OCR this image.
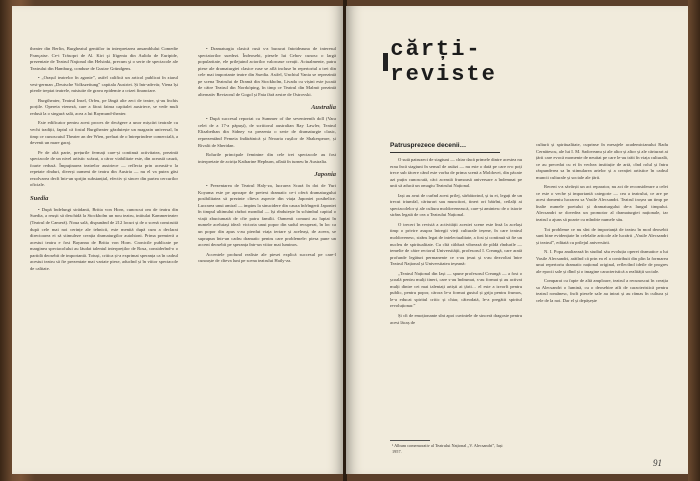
theater din Berlin, Burgheatul gentiilor in interpretarea ansamblului Comedie Française. Ce-i Trăsopri de Al. Kiri şi Ifigenia din Aulida de Euripide, prezentate de Teatrul Naţional din Helsinki, precum şi o serie de spectacole ale Teatrului din Hamburg, conduse de Gustav Gründgens.

• „Orașul teatrelor în agonie”, astfel califică un articol publicat în ziarul vest-german „Deutsche Volkszeitung” capitala Austriei. Și într-adevăr, Viena își pierde treptat teatrele, mistuite de grava epidemie a crizei financiare.

Burgtheater, Teatrul Insel, Orfeu, pe lângă alte zeci de teatre, și-au închis porțile. Opereta vieneză, care a făcut faima capitalei austriece, se vede mult redusă la o singură sală, acea a lui Raymund-theater.

Este edificator pentru acest proces de decăgere a unor mișcări teatrale cu vechi tradiții, faptul că fostul Burgtheater găzduiește un magazin universal, în timp ce cunoscutul Theater an der Wien, preluat de o întreprindere comercială, a devenit un mare garaj.

Pe de altă parte, prețurile fermați care-și continuă activitatea, prezintă spectacole de un nivel artistic scăzut, a căror viabilitate este, din această cauză, foarte redusă. Împuţinarea teatrelor austriece — reflecta prin această-o la repetate rînduri, diverși oameni de teatru din Austria — nu el va putea găsi rezolvarea decît într-un sprijin substanțial, efectiv și sincer din partea cercurilor oficiale.

Suedia

• După îndelungi strădanii, Britta von Horn, cunoscut om de teatru din Suedia, a reușit să deschidă la Stockholm un nou teatru, intitulat Kammerteater (Teatrul de Cameră). Noua sală, dispunând de 212 locuri și de o scenă construită după cele mai noi cerințe ale tehnicii, este menită după cum a declarat directoarea ei să stimuleze creația dramaturgilor autohtoni. Prima premieră a acestui teatru e fost Bayanna de Britta von Horn. Cronicile publicate pe marginea spectacolului au lăudat talentul interpreților de Rosa, considerînd-o o partidă deosebit de importantă. Totuși, critica și-a exprimat speranța ca în cadrul acestui teatru să fie prezentate mai variate piese, aducînd și în viitor spectacole de calitate.

• Dramaturgia clasică rusă s-a bucurat întotdeauna de interesul spectatorilor suedezi. Îndeosebi, piesele lui Cehov cunosc o largă popularitate, ele prilejuind actorilor valoroase creații. Actualmente, patru piese ale dramaturgiei clasice ruse se află incluse în repertoriul a trei din cele mai importante teatre din Suedia. Astfel, Unchiul Vania se reprezintă pe scena Teatrului de Dramă din Stockholm, Livada cu vișini este jucată de către Teatrul din Norrköping, în timp ce Teatrul din Malmö prezintă alternativ Revizorul de Gogol și Fata fără zestre de Ostrovski.

Australia

• După succesul reportat cu Summer of the seventeenth doll (Vara celei de a 17-a păpuși), de scriitorul australian Ray Lawler, Teatrul Elizabethan din Sidney va prezenta o serie de dramaturgie clasic, reprezentând Femeia îndărătnică și Neoaria rușilor de Shakespeare, și Rivalii de Sheridan.

Rolurile principale feminine din cele trei spectacole au fost interpretate de actrița Katharine Hepburn, aflată în turneu în Australia.

Japonia

• Prezentarea de Teatrul Haly-za, lucrarea Scará în doi de Yuri Koyama este pe aproape de pretext dramatic ce-i oferă dramaturgului posibilitatea să prezinte cîteva aspecte din viața Japoniei postbelice. Lucrarea unui amiral — impins la sinucidere din cauza înfrîngerii Japoniei în timpul ultimului război mondial — își rînduiește în schimbul capital o viață zbuciumată de cîte patru familii. Oamenii comuni au luptat în numele aceluiași ideal: victoria unui popor din sudul recuperat, în loc ca un popor din apus s-au pierdut viața iertare și aceleași, de aceea, se suprapun într-un cadru dramatic pentru care problemele: piesa pune un accent deosebit pe speranța într-un viitor mai luminos.

Accentele profund realiste ale piesei explică succesul pe care-l cunoaște de cîteva luni pe scena teatrului Haily-za.

cărți-reviste
Patrusprezece decenii…

O sută patruzeci de stagiuni — chiar dacă primele dintre acestea nu erau încă stagiuni în sensul de astăzi — nu este o dată pe care n-o poți trece sub tăcere când este vorba de prima scenă a Moldovei, din păcate azi puțin cunoscută, căci această frumoasă aniversare a îndemnat pe unii să aducă un omagiu Teatrului Național.

Iași au avut de curînd acest prilej, sărbătorind, și tu ei, legați de un trecut triumfal, cărturari sau muncitori, tineri ori bătrîni, ceilalți ai spectacolelor și ale cultura moldovenească, care-și amintesc de o istorie strâns legată de cea a Teatrului Național.

O treceri în revistă a activității acestei scene este însă la același timp o privire asupra întregii vieți culturale ieșene, în care teatrul moldovenesc, strâns legat de intelectualitate, a fost și continuă să fie un nucleu de spiritualitate. Cu cîtă căldură vibrează de pildă rîndurile — temelie de către rectorul Universității, profesorul I. Creangă, care arată profunde legături permanente ce s-au țesut și s-au dezvoltat între Teatrul Național și Universitatea ieșeană:

„Teatrul Național din Iași — spune profesorul Creangă — a fost o școală pentru mulți tineri, care s-au îndrumat, s-au format și au activat mulți dintre cei mai talentați artiști ai țării… el este a izvorît pentru public, pentru popor, cărora le-a format gustul și grija pentru frumos, le-a educat spiritul critic și chiar, câteodată, le-a pregătit spiritul revoluționar.”

Și cît de emoționante sînt apoi cuvintele de sinceră dragoste pentru acest lăcaș de

cultură și spiritualitate, cuprinse în mesajele academicianului Radu Cernătescu, ale lui I. M. Sadoveanu și ale altor și altor și ale cărturari ai țării care evocă momente de neuitat pe care le-au trăit în viața culturală, ce au precedat cu ei în vechea instituție de artă, cînd rolul și întru răspunderea sa în stimularea artelor și a creației artistice în cadrul muncii culturale și sociale ale țării.

Recent s-a săvârșit un act reparator, nu act de reconsiderare a celei ce este o veche și importantă categorie — cea a teatrului, ce are pe acest domeniu lucrarea sa Vasile Alecsandri. Teatrul iroșea un timp pe înalte numele poetului și dramaturgului de-a lungul timpului. Alecsandri se dovedea un promotor al dramaturgiei naționale, iar teatrul a ajuns să poarte cu mîndrie numele său.

Tot probleme ce nu sînt de importanță de teatru în mod deosebit sunt bine evidențiate în celelalte articole ale lucrării „Vasile Alecsandri și teatrul”, editată cu prilejul aniversării.

N. I. Popa analizează în studiul său evoluția operei dramatice a lui Vasile Alecsandri, arătînd că prin ea el a contribuit din plin la formarea unui repertoriu dramatic național original, reflectînd ideile de progres ale epocii sale și dînd și o imagine caracteristică a realității sociale.

Comparat cu fapte de altă amploare, teatrul a recunoscut în creația sa Alecsandri o lumină, cu o deosebire atît de caracteristică pentru teatrul românesc, încît piesele sale au intrat și au rămas în cultura și cele de la noi. Dar el și depășește

¹ Album comemorativ al Teatrului Național „V. Alecsandri”, Iași 1957.
91
